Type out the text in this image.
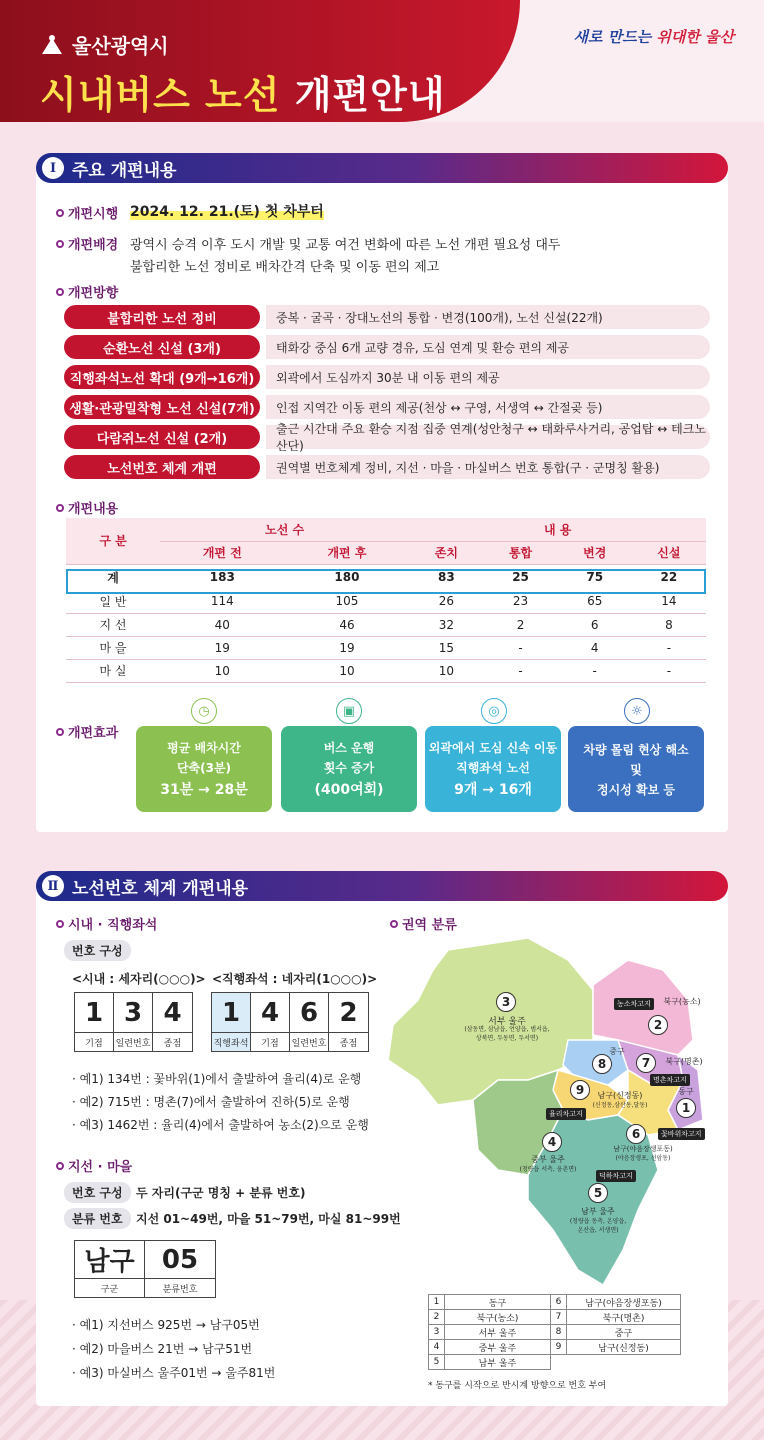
울산광역시
시내버스 노선 개편안내
새로 만드는 위대한 울산
Ⅰ 주요 개편내용
개편시행 2024. 12. 21.(토) 첫 차부터
개편배경 광역시 승격 이후 도시 개발 및 교통 여건 변화에 따른 노선 개편 필요성 대두
불합리한 노선 정비로 배차간격 단축 및 이동 편의 제고
개편방향
불합리한 노선 정비	중복 · 굴곡 · 장대노선의 통합 · 변경(100개), 노선 신설(22개)
순환노선 신설 (3개)	태화강 중심 6개 교량 경유, 도심 연계 및 환승 편의 제공
직행좌석노선 확대 (9개→16개)	외곽에서 도심까지 30분 내 이동 편의 제공
생활·관광밀착형 노선 신설(7개)	인접 지역간 이동 편의 제공(천상 ↔ 구영, 서생역 ↔ 간절곶 등)
다람쥐노선 신설 (2개)
출근 시간대 주요 환승 지점 집중 연계(성안청구 ↔ 태화루사거리, 공업탑 ↔ 테크노산단)
노선번호 체계 개편	권역별 번호체계 정비, 지선 · 마을 · 마실버스 번호 통합(구 · 군명칭 활용)
개편내용
구 분	노선 수		내 용			
	개편 전	개편 후	존치	통합	변경	신설
계	183	180	83	25	75	22
일 반	114	105	26	23	65	14
지 선	40	46	32	2	6	8
마 을	19	19	15	-	4	-
마 실	10	10	10	-	-	-
개편효과
◷	▣	◎	☼
평균 배차시간
단축(3분)
31분 → 28분
버스 운행
횟수 증가
(400여회)
외곽에서 도심 신속 이동
직행좌석 노선
9개 → 16개
차량 몰림 현상 해소
및
정시성 확보 등
Ⅱ 노선번호 체계 개편내용
시내 · 직행좌석
번호 구성
<시내 : 세자리(○○○)> <직행좌석 : 네자리(1○○○)>
1
기점
3
일련번호
4
종점
1
직행좌석
4
기점
6
일련번호
2
종점
· 예1) 134번 : 꽃바위(1)에서 출발하여 율리(4)로 운행
· 예2) 715번 : 명촌(7)에서 출발하여 진하(5)로 운행
· 예3) 1462번 : 율리(4)에서 출발하여 농소(2)으로 운행
지선 · 마을
번호 구성	두 자리(구군 명칭 + 분류 번호)
분류 번호	지선 01~49번, 마을 51~79번, 마실 81~99번
남구
구군
05
분류번호
· 예1) 지선버스 925번 → 남구05번
· 예2) 마을버스 21번 → 남구51번
· 예3) 마실버스 울주01번 → 울주81번
권역 분류
3
서부 울주
(삼동면, 삼남읍, 언양읍, 범서읍,
상북면, 두동면, 두서면)
농소차고지	북구(농소)
2
중구
8	7	북구(명촌)
명촌차고지
동구
1
9	남구(신정동)
(신정동,삼산동,달동)
율리차고지
6	꽃바위차고지
남구(야음장생포동)
(야음장생포, 선암동)
4
중부 울주
(청량읍 서측, 웅촌면)
덕하차고지
5
남부 울주
(청량읍 동측, 온양읍,
온산읍, 서생면)
1	동구	6	남구(야음장생포동)
2	북구(농소)	7	북구(명촌)
3	서부 울주	8	중구
4	중부 울주	9	남구(신정동)
5	남부 울주		
* 동구를 시작으로 반시계 방향으로 번호 부여
